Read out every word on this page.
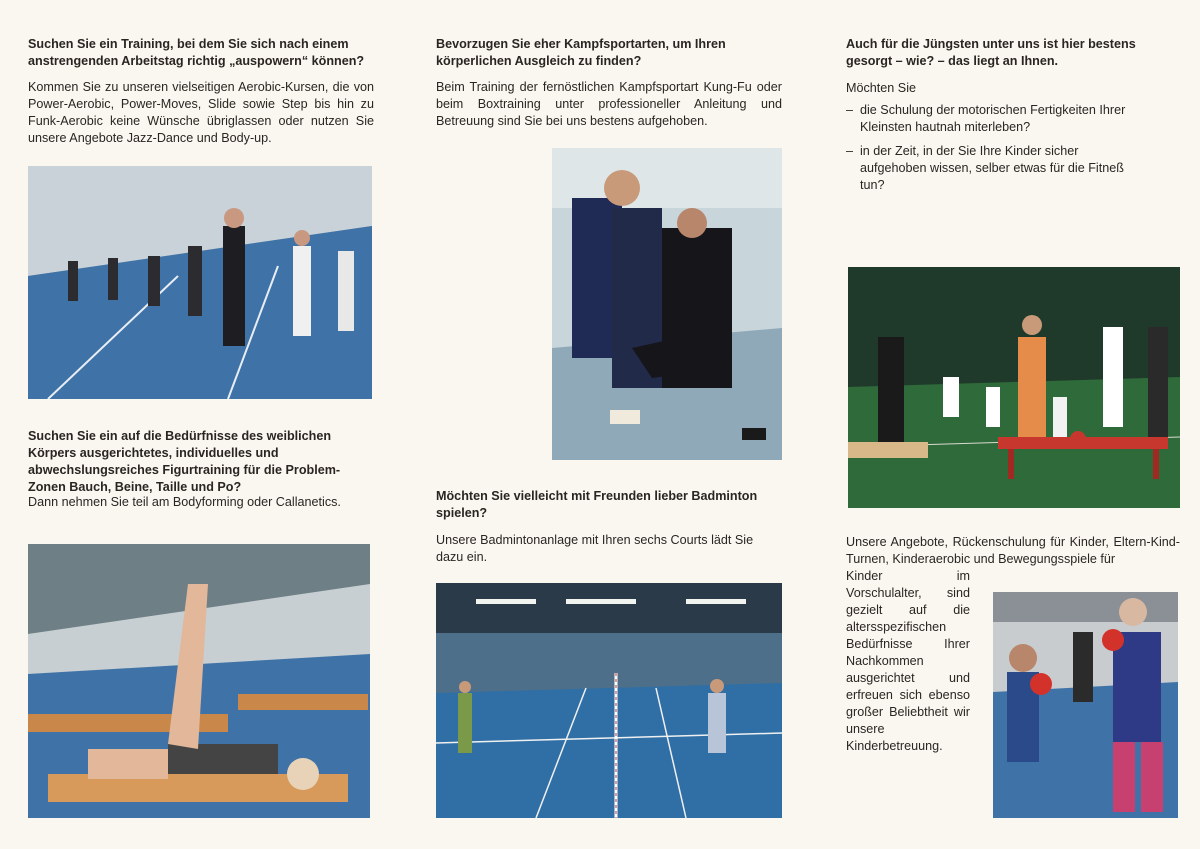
Suchen Sie ein Training, bei dem Sie sich nach einem anstrengenden Arbeitstag richtig „auspowern“ können?

Kommen Sie zu unseren vielseitigen Aerobic-Kursen, die von Power-Aerobic, Power-Moves, Slide sowie Step bis hin zu Funk-Aerobic keine Wünsche übriglassen oder nutzen Sie unsere Angebote Jazz-Dance und Body-up.

Suchen Sie ein auf die Bedürfnisse des weiblichen Körpers ausgerichtetes, individuelles und abwechslungsreiches Figurtraining für die Problem-Zonen Bauch, Beine, Taille und Po?

Dann nehmen Sie teil am Bodyforming oder Callanetics.

Bevorzugen Sie eher Kampfsportarten, um Ihren körperlichen Ausgleich zu finden?

Beim Training der fernöstlichen Kampfsportart Kung-Fu oder beim Boxtraining unter professioneller Anleitung und Betreuung sind Sie bei uns bestens aufgehoben.

Möchten Sie vielleicht mit Freunden lieber Badminton spielen?

Unsere Badmintonanlage mit Ihren sechs Courts lädt Sie dazu ein.

Auch für die Jüngsten unter uns ist hier bestens gesorgt – wie? – das liegt an Ihnen.

Möchten Sie

– die Schulung der motorischen Fertigkeiten Ihrer Kleinsten hautnah miterleben?
– in der Zeit, in der Sie Ihre Kinder sicher aufgehoben wissen, selber etwas für die Fitneß tun?

Unsere Angebote, Rückenschulung für Kinder, Eltern-Kind-Turnen, Kinderaerobic und Bewegungsspiele für

Kinder im Vorschulalter, sind gezielt auf die altersspezifischen Bedürfnisse Ihrer Nachkommen ausgerichtet und erfreuen sich ebenso großer Beliebtheit wir unsere Kinderbetreuung.
